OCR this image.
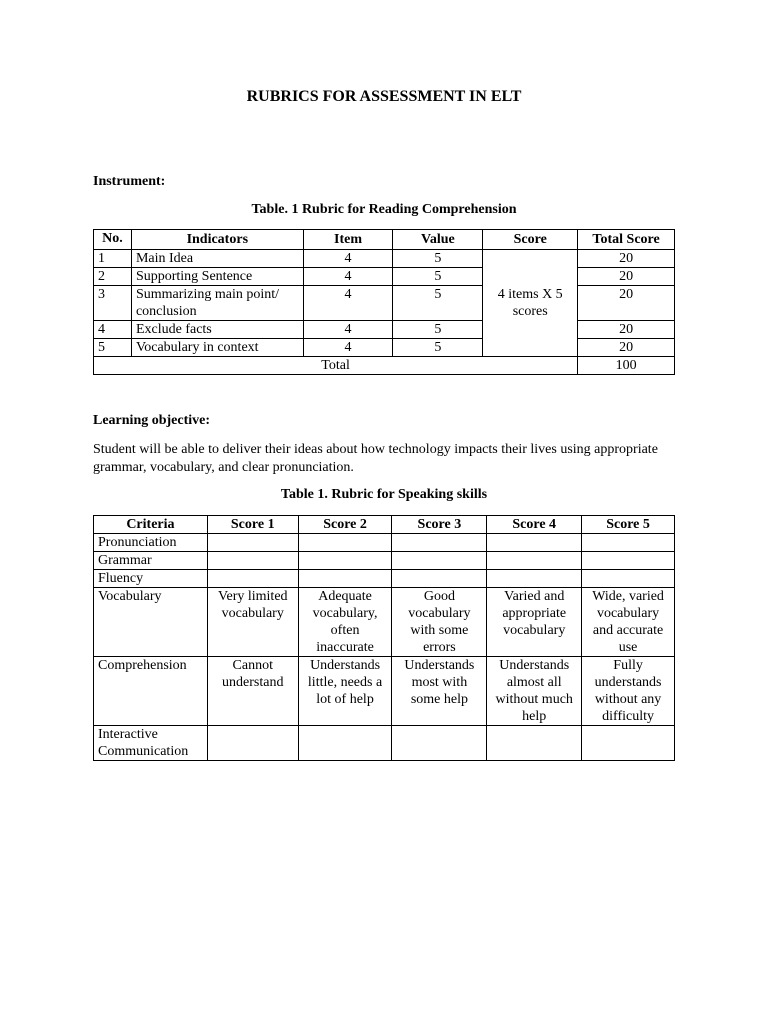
RUBRICS FOR ASSESSMENT IN ELT

Instrument:

Table. 1 Rubric for Reading Comprehension

No.	Indicators	Item	Value	Score	Total Score
1	Main Idea	4	5	4 items X 5 scores	20
2	Supporting Sentence	4	5		20
3	Summarizing main point/ conclusion	4	5		20
4	Exclude facts	4	5		20
5	Vocabulary in context	4	5		20
Total					100

Learning objective:

Student will be able to deliver their ideas about how technology impacts their lives using appropriate grammar, vocabulary, and clear pronunciation.

Table 1. Rubric for Speaking skills

Criteria	Score 1	Score 2	Score 3	Score 4	Score 5
Pronunciation					
Grammar					
Fluency					
Vocabulary	Very limited vocabulary	Adequate vocabulary, often inaccurate	Good vocabulary with some errors	Varied and appropriate vocabulary	Wide, varied vocabulary and accurate use
Comprehension	Cannot understand	Understands little, needs a lot of help	Understands most with some help	Understands almost all without much help	Fully understands without any difficulty
Interactive Communication					
